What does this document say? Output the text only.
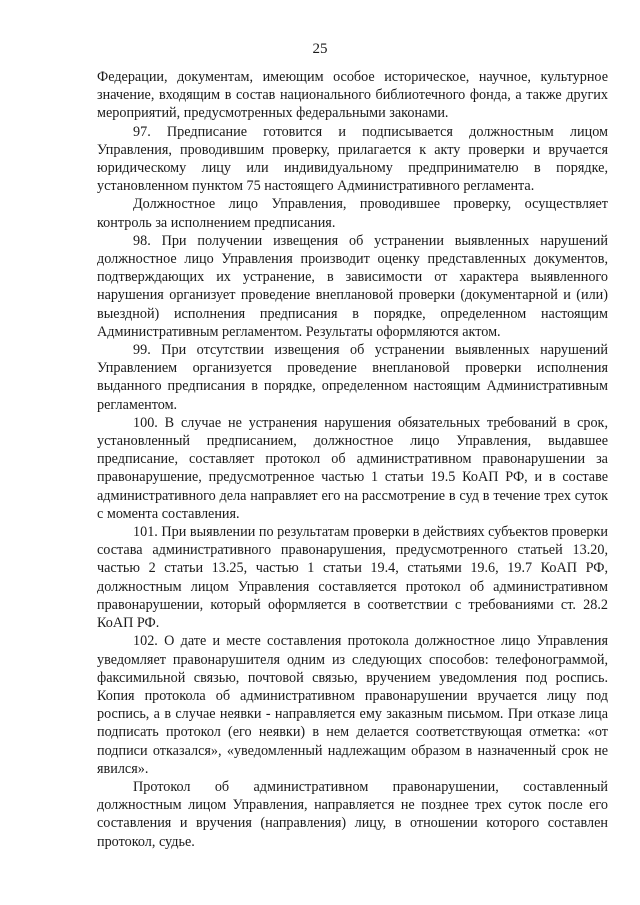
25

Федерации, документам, имеющим особое историческое, научное, культурное значение, входящим в состав национального библиотечного фонда, а также других мероприятий, предусмотренных федеральными законами.

97. Предписание готовится и подписывается должностным лицом Управления, проводившим проверку, прилагается к акту проверки и вручается юридическому лицу или индивидуальному предпринимателю в порядке, установленном пунктом 75 настоящего Административного регламента.

Должностное лицо Управления, проводившее проверку, осуществляет контроль за исполнением предписания.

98. При получении извещения об устранении выявленных нарушений должностное лицо Управления производит оценку представленных документов, подтверждающих их устранение, в зависимости от характера выявленного нарушения организует проведение внеплановой проверки (документарной и (или) выездной) исполнения предписания в порядке, определенном настоящим Административным регламентом. Результаты оформляются актом.

99. При отсутствии извещения об устранении выявленных нарушений Управлением организуется проведение внеплановой проверки исполнения выданного предписания в порядке, определенном настоящим Административным регламентом.

100. В случае не устранения нарушения обязательных требований в срок, установленный предписанием, должностное лицо Управления, выдавшее предписание, составляет протокол об административном правонарушении за правонарушение, предусмотренное частью 1 статьи 19.5 КоАП РФ, и в составе административного дела направляет его на рассмотрение в суд в течение трех суток с момента составления.

101. При выявлении по результатам проверки в действиях субъектов проверки состава административного правонарушения, предусмотренного статьей 13.20, частью 2 статьи 13.25, частью 1 статьи 19.4, статьями 19.6, 19.7 КоАП РФ, должностным лицом Управления составляется протокол об административном правонарушении, который оформляется в соответствии с требованиями ст. 28.2 КоАП РФ.

102. О дате и месте составления протокола должностное лицо Управления уведомляет правонарушителя одним из следующих способов: телефонограммой, факсимильной связью, почтовой связью, вручением уведомления под роспись. Копия протокола об административном правонарушении вручается лицу под роспись, а в случае неявки - направляется ему заказным письмом. При отказе лица подписать протокол (его неявки) в нем делается соответствующая отметка: «от подписи отказался», «уведомленный надлежащим образом в назначенный срок не явился».

Протокол об административном правонарушении, составленный должностным лицом Управления, направляется не позднее трех суток после его составления и вручения (направления) лицу, в отношении которого составлен протокол, судье.
